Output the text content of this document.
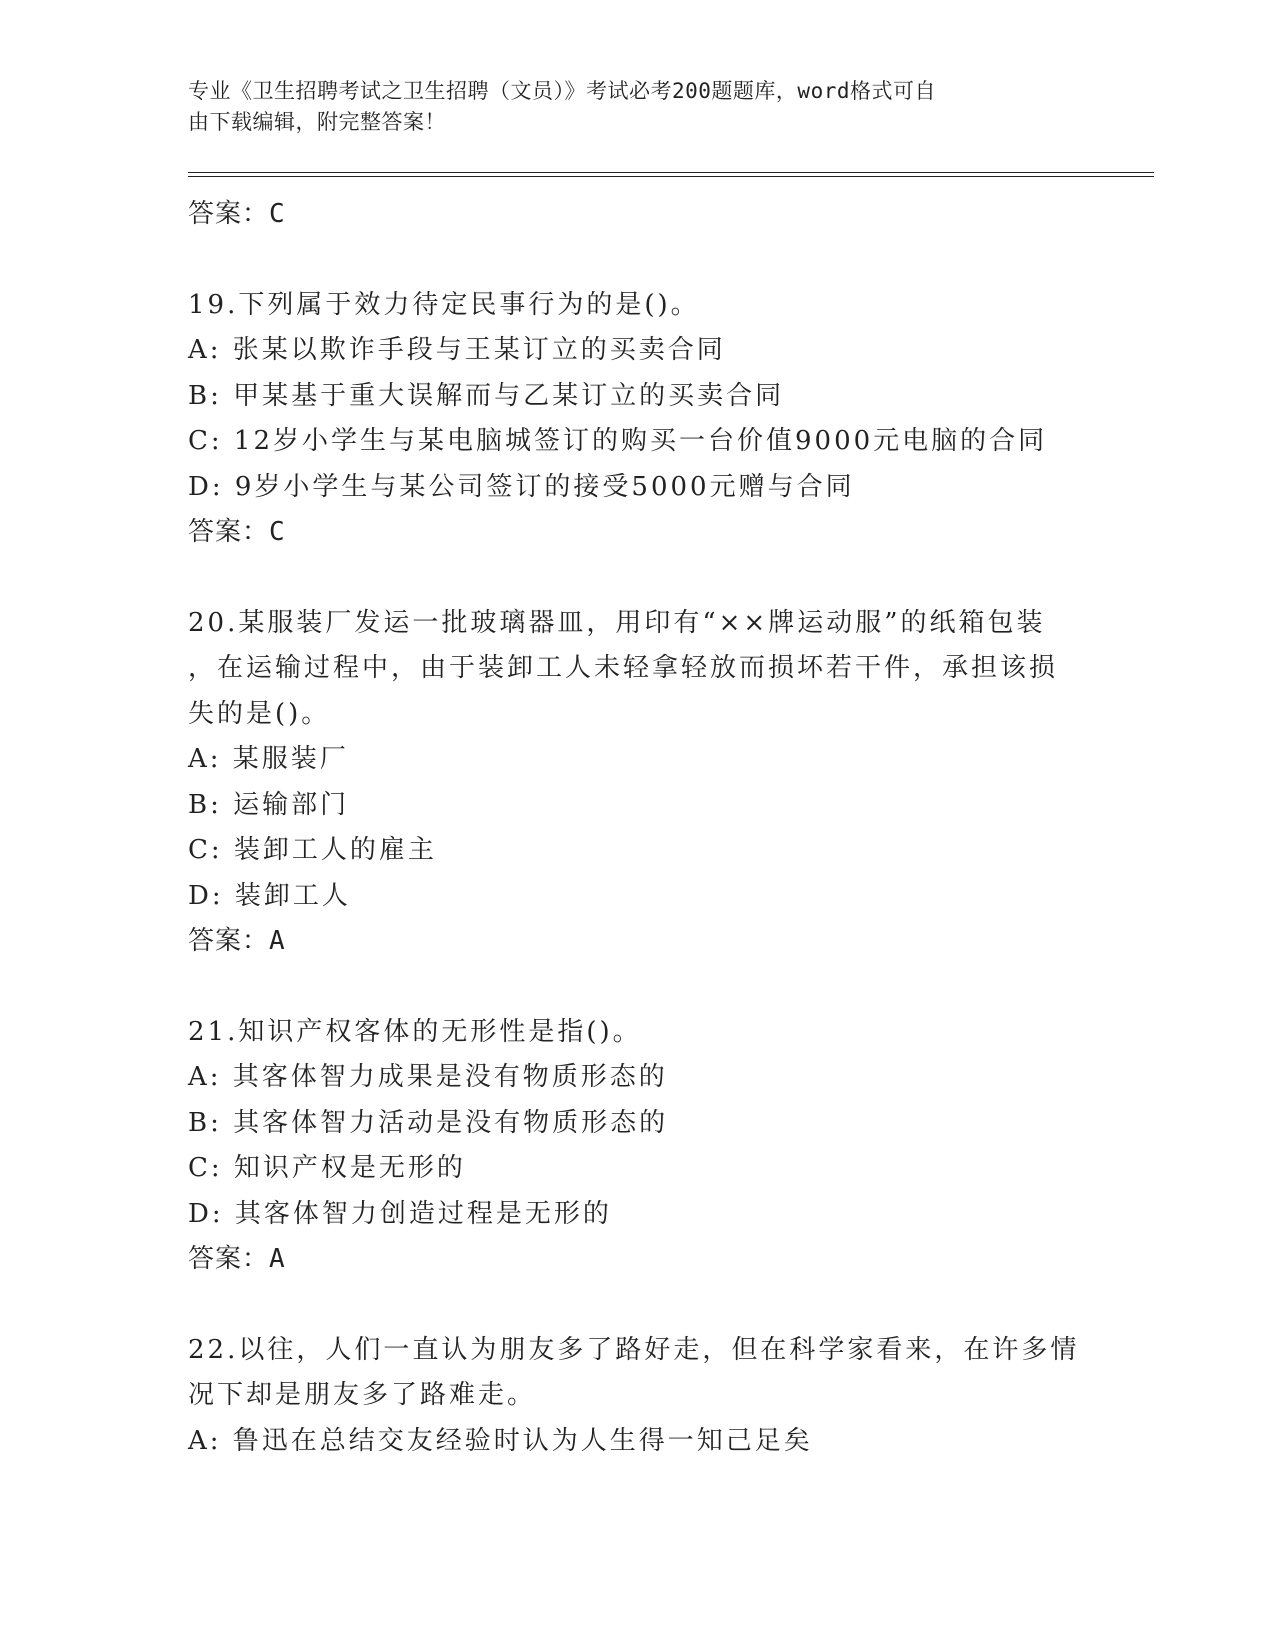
专业《卫生招聘考试之卫生招聘（文员）》考试必考200题题库，word格式可自
由下载编辑，附完整答案！
答案：C
19.下列属于效力待定民事行为的是()。
A: 张某以欺诈手段与王某订立的买卖合同
B: 甲某基于重大误解而与乙某订立的买卖合同
C: 12岁小学生与某电脑城签订的购买一台价值9000元电脑的合同
D: 9岁小学生与某公司签订的接受5000元赠与合同
答案：C
20.某服装厂发运一批玻璃器皿，用印有“××牌运动服”的纸箱包装
，在运输过程中，由于装卸工人未轻拿轻放而损坏若干件，承担该损
失的是()。
A: 某服装厂
B: 运输部门
C: 装卸工人的雇主
D: 装卸工人
答案：A
21.知识产权客体的无形性是指()。
A: 其客体智力成果是没有物质形态的
B: 其客体智力活动是没有物质形态的
C: 知识产权是无形的
D: 其客体智力创造过程是无形的
答案：A
22.以往，人们一直认为朋友多了路好走，但在科学家看来，在许多情
况下却是朋友多了路难走。
A: 鲁迅在总结交友经验时认为人生得一知己足矣
